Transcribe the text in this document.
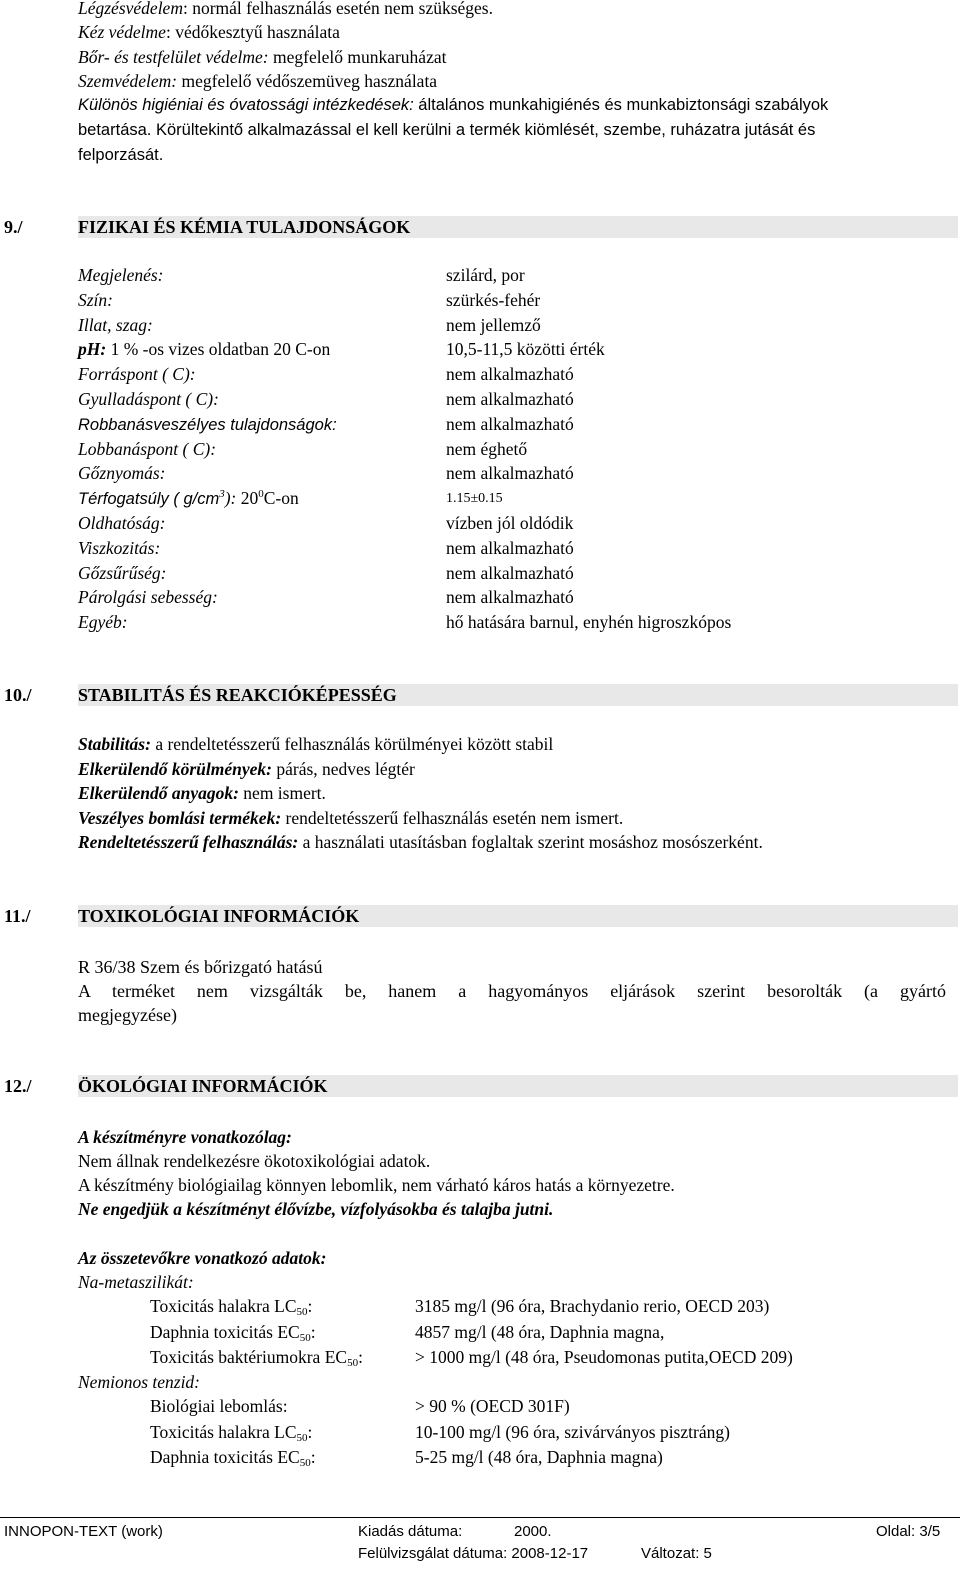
Légzésvédelem: normál felhasználás esetén nem szükséges.
Kéz védelme: védőkesztyű használata
Bőr- és testfelület védelme: megfelelő munkaruházat
Szemvédelem: megfelelő védőszemüveg használata
Különös higiéniai és óvatossági intézkedések: általános munkahigiénés és munkabiztonsági szabályok
betartása. Körültekintő alkalmazással el kell kerülni a termék kiömlését, szembe, ruházatra jutását és
felporzását.
9./	FIZIKAI ÉS KÉMIA TULAJDONSÁGOK
Megjelenés:	szilárd, por
Szín:	szürkés-fehér
Illat, szag:	nem jellemző
pH: 1 % -os vizes oldatban 20 C-on	10,5-11,5 közötti érték
Forráspont ( C):	nem alkalmazható
Gyulladáspont ( C):	nem alkalmazható
Robbanásveszélyes tulajdonságok:	nem alkalmazható
Lobbanáspont ( C):	nem éghető
Gőznyomás:	nem alkalmazható
Térfogatsúly ( $g/cm^3$): $20^0C-on$	1.15±0.15
Oldhatóság:	vízben jól oldódik
Viszkozitás:	nem alkalmazható
Gőzsűrűség:	nem alkalmazható
Párolgási sebesség:	nem alkalmazható
Egyéb:	hő hatására barnul, enyhén higroszkópos
10./	STABILITÁS ÉS REAKCIÓKÉPESSÉG
Stabilitás: a rendeltetésszerű felhasználás körülményei között stabil
Elkerülendő körülmények: párás, nedves légtér
Elkerülendő anyagok: nem ismert.
Veszélyes bomlási termékek: rendeltetésszerű felhasználás esetén nem ismert.
Rendeltetésszerű felhasználás: a használati utasításban foglaltak szerint mosáshoz mosószerként.
11./	TOXIKOLÓGIAI INFORMÁCIÓK
R 36/38 Szem és bőrizgató hatású
A terméket nem vizsgálták be, hanem a hagyományos eljárások szerint besorolták (a gyártó
megjegyzése)
12./	ÖKOLÓGIAI INFORMÁCIÓK
A készítményre vonatkozólag:
Nem állnak rendelkezésre ökotoxikológiai adatok.
A készítmény biológiailag könnyen lebomlik, nem várható káros hatás a környezetre.
Ne engedjük a készítményt élővízbe, vízfolyásokba és talajba jutni.
Az összetevőkre vonatkozó adatok:
Na-metaszilikát:
Toxicitás halakra $LC_{50}$:	3185 mg/l (96 óra, Brachydanio rerio, OECD 203)
Daphnia toxicitás $EC_{50}$:	4857 mg/l (48 óra, Daphnia magna,
Toxicitás baktériumokra $EC_{50}$:	> 1000 mg/l (48 óra, Pseudomonas putita,OECD 209)
Nemionos tenzid:
Biológiai lebomlás:	> 90 % (OECD 301F)
Toxicitás halakra $LC_{50}$:	10-100 mg/l (96 óra, szivárványos pisztráng)
Daphnia toxicitás $EC_{50}$:	5-25 mg/l (48 óra, Daphnia magna)
INNOPON-TEXT (work)	Kiadás dátuma:	2000.	Oldal: 3/5
Felülvizsgálat dátuma: 2008-12-17	Változat: 5
